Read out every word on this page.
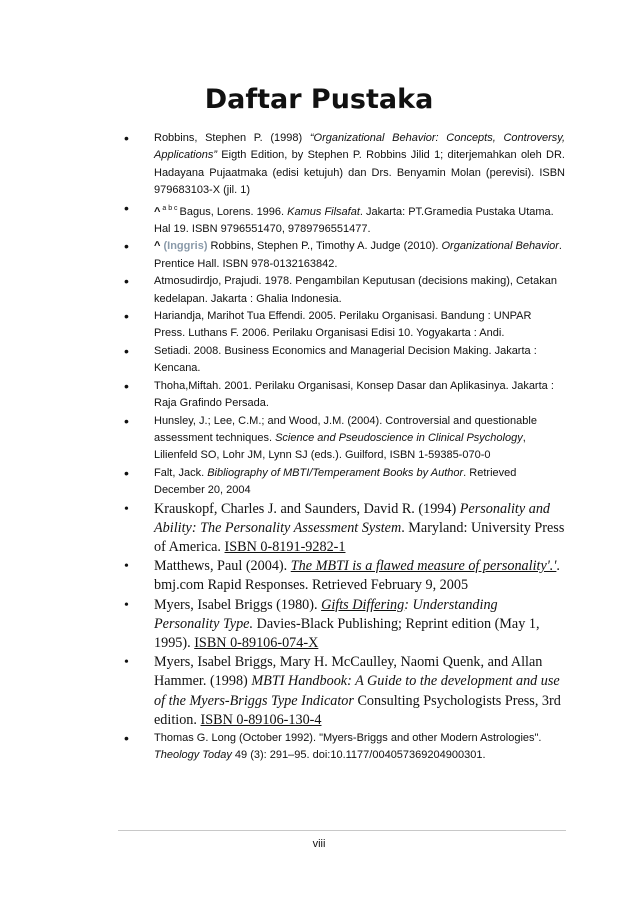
Daftar Pustaka
• Robbins, Stephen P. (1998) “Organizational Behavior: Concepts, Controversy, Applications” Eigth Edition, by Stephen P. Robbins Jilid 1; diterjemahkan oleh DR. Hadayana Pujaatmaka (edisi ketujuh) dan Drs. Benyamin Molan (perevisi). ISBN 979683103-X (jil. 1)
• ^ $^{a b c}$ Bagus, Lorens. 1996. Kamus Filsafat. Jakarta: PT.Gramedia Pustaka Utama. Hal 19. ISBN 9796551470, 9789796551477.
• ^ (Inggris) Robbins, Stephen P., Timothy A. Judge (2010). Organizational Behavior. Prentice Hall. ISBN 978-0132163842.
• Atmosudirdjo, Prajudi. 1978. Pengambilan Keputusan (decisions making), Cetakan kedelapan. Jakarta : Ghalia Indonesia.
• Hariandja, Marihot Tua Effendi. 2005. Perilaku Organisasi. Bandung : UNPAR Press. Luthans F. 2006. Perilaku Organisasi Edisi 10. Yogyakarta : Andi.
• Setiadi. 2008. Business Economics and Managerial Decision Making. Jakarta : Kencana.
• Thoha,Miftah. 2001. Perilaku Organisasi, Konsep Dasar dan Aplikasinya. Jakarta : Raja Grafindo Persada.
• Hunsley, J.; Lee, C.M.; and Wood, J.M. (2004). Controversial and questionable assessment techniques. Science and Pseudoscience in Clinical Psychology, Lilienfeld SO, Lohr JM, Lynn SJ (eds.). Guilford, ISBN 1-59385-070-0
• Falt, Jack. Bibliography of MBTI/Temperament Books by Author. Retrieved December 20, 2004
• Krauskopf, Charles J. and Saunders, David R. (1994) Personality and Ability: The Personality Assessment System. Maryland: University Press of America. ISBN 0-8191-9282-1
• Matthews, Paul (2004). The MBTI is a flawed measure of personality'.'. bmj.com Rapid Responses. Retrieved February 9, 2005
• Myers, Isabel Briggs (1980). Gifts Differing: Understanding Personality Type. Davies-Black Publishing; Reprint edition (May 1, 1995). ISBN 0-89106-074-X
• Myers, Isabel Briggs, Mary H. McCaulley, Naomi Quenk, and Allan Hammer. (1998) MBTI Handbook: A Guide to the development and use of the Myers-Briggs Type Indicator Consulting Psychologists Press, 3rd edition. ISBN 0-89106-130-4
• Thomas G. Long (October 1992). "Myers-Briggs and other Modern Astrologies". Theology Today 49 (3): 291–95. doi:10.1177/004057369204900301.
viii
